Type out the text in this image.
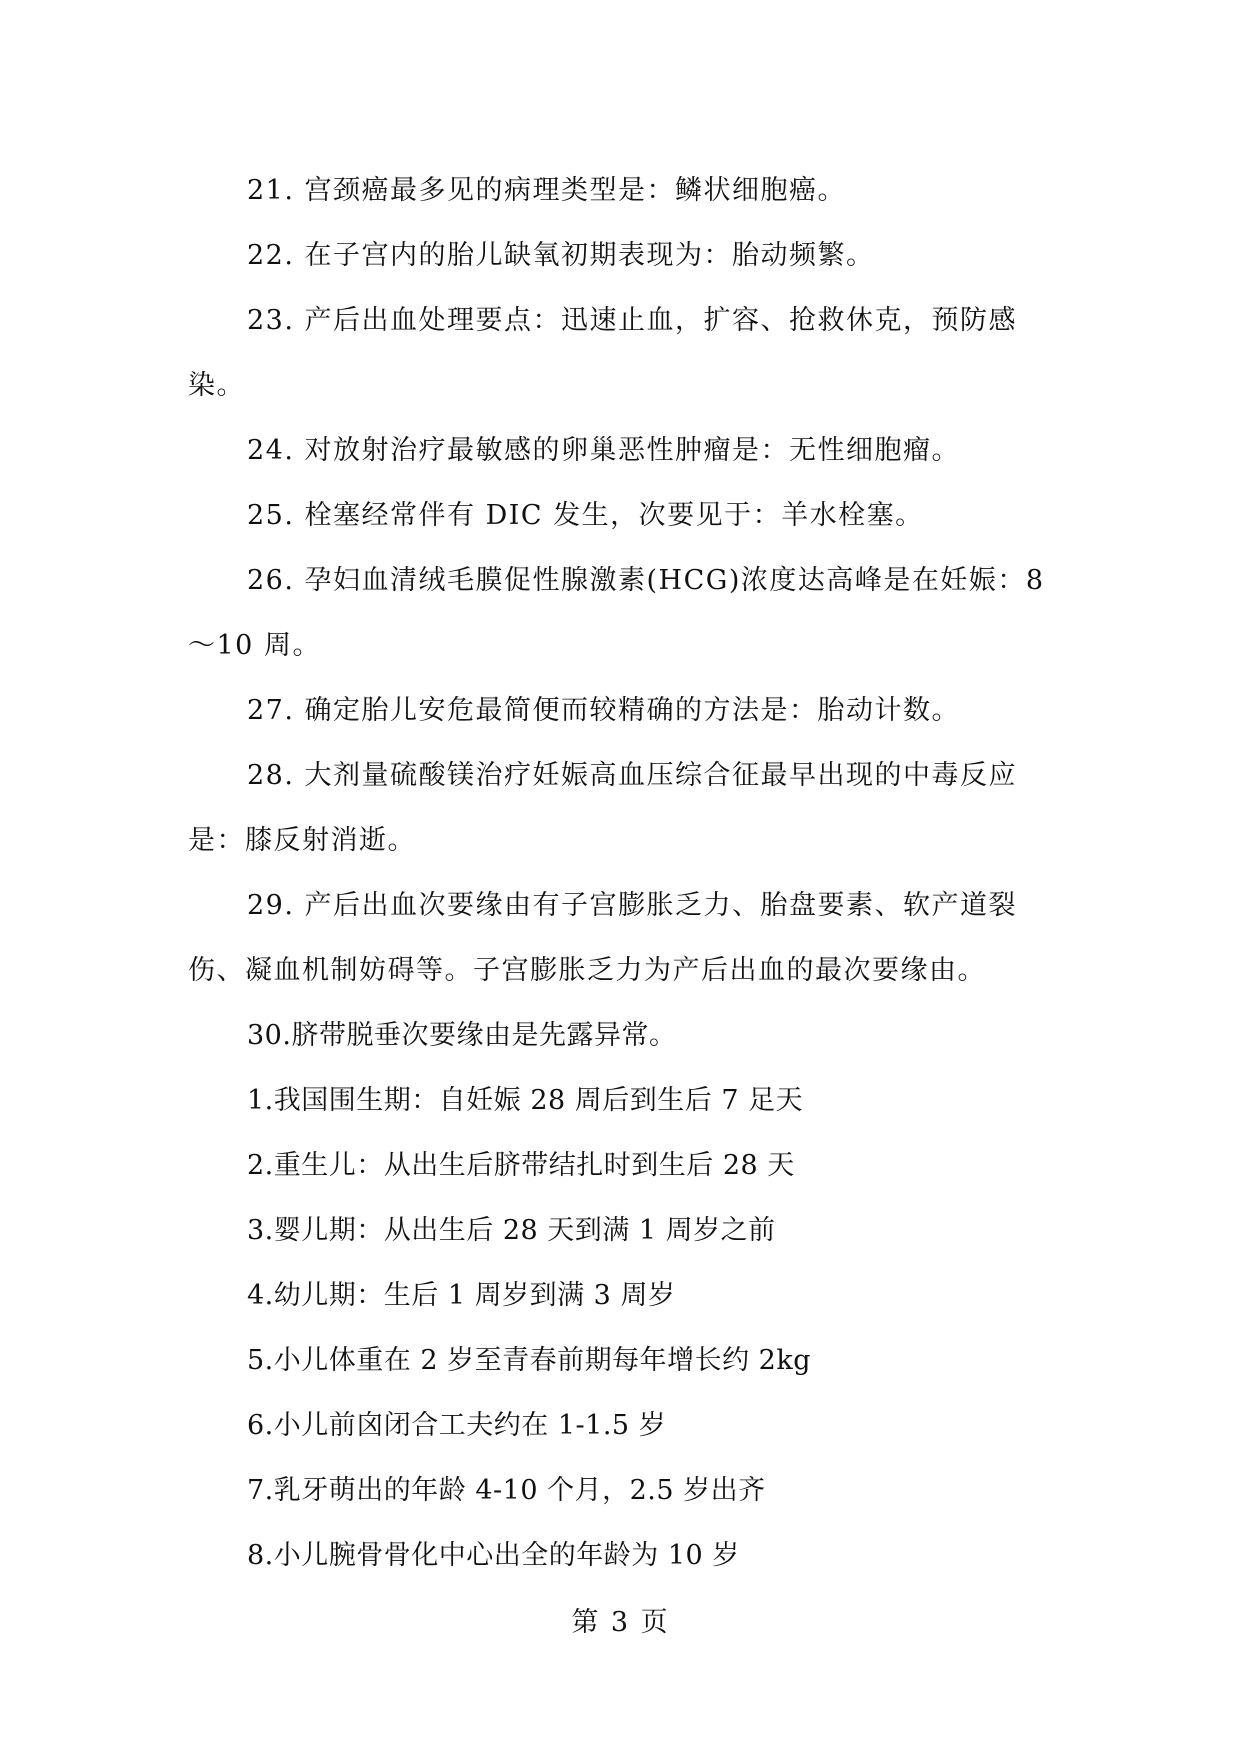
21. 宫颈癌最多见的病理类型是：鳞状细胞癌。

22. 在子宫内的胎儿缺氧初期表现为：胎动频繁。

23. 产后出血处理要点：迅速止血，扩容、抢救休克，预防感染。

24. 对放射治疗最敏感的卵巢恶性肿瘤是：无性细胞瘤。

25. 栓塞经常伴有 DIC 发生，次要见于：羊水栓塞。

26. 孕妇血清绒毛膜促性腺激素(HCG)浓度达高峰是在妊娠：8～10 周。

27. 确定胎儿安危最简便而较精确的方法是：胎动计数。

28. 大剂量硫酸镁治疗妊娠高血压综合征最早出现的中毒反应是：膝反射消逝。

29. 产后出血次要缘由有子宫膨胀乏力、胎盘要素、软产道裂伤、凝血机制妨碍等。子宫膨胀乏力为产后出血的最次要缘由。

30.脐带脱垂次要缘由是先露异常。

1.我国围生期：自妊娠 28 周后到生后 7 足天

2.重生儿：从出生后脐带结扎时到生后 28 天

3.婴儿期：从出生后 28 天到满 1 周岁之前

4.幼儿期：生后 1 周岁到满 3 周岁

5.小儿体重在 2 岁至青春前期每年增长约 2kg

6.小儿前囟闭合工夫约在 1-1.5 岁

7.乳牙萌出的年龄 4-10 个月，2.5 岁出齐

8.小儿腕骨骨化中心出全的年龄为 10 岁

第 3 页
